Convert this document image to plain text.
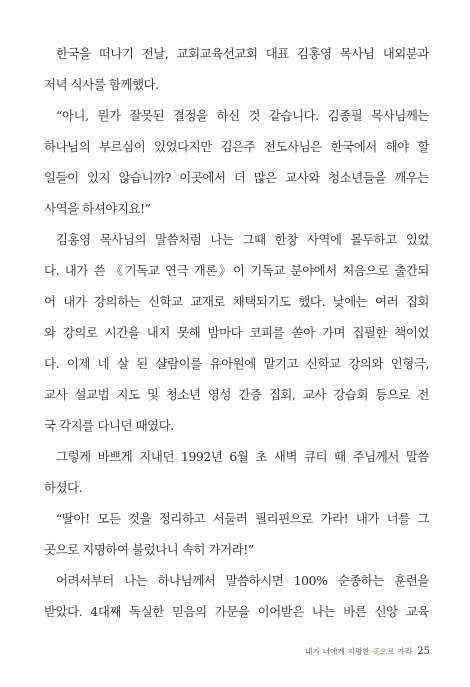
한국을 떠나기 전날, 교회교육선교회 대표 김홍영 목사님 내외분과
저녁 식사를 함께했다.
“아니, 뭔가 잘못된 결정을 하신 것 같습니다. 김종필 목사님께는
하나님의 부르심이 있었다지만 김은주 전도사님은 한국에서 해야 할
일들이 있지 않습니까? 이곳에서 더 많은 교사와 청소년들을 깨우는
사역을 하셔야지요!”
김홍영 목사님의 말씀처럼 나는 그때 한창 사역에 몰두하고 있었
다. 내가 쓴 《기독교 연극 개론》이 기독교 분야에서 처음으로 출간되
어 내가 강의하는 신학교 교재로 채택되기도 했다. 낮에는 여러 집회
와 강의로 시간을 내지 못해 밤마다 코피를 쏟아 가며 집필한 책이었
다. 이제 네 살 된 샬람이를 유아원에 맡기고 신학교 강의와 인형극,
교사 설교법 지도 및 청소년 영성 간증 집회, 교사 강습회 등으로 전
국 각지를 다니던 때였다.
그렇게 바쁘게 지내던 1992년 6월 초 새벽 큐티 때 주님께서 말씀
하셨다.
“딸아! 모든 것을 정리하고 서둘러 필리핀으로 가라! 내가 너를 그
곳으로 지명하여 불렀나니 속히 가거라!”
어려서부터 나는 하나님께서 말씀하시면 100% 순종하는 훈련을
받았다. 4대째 독실한 믿음의 가문을 이어받은 나는 바른 신앙 교육
내가 너에게 지명한 곳으로 가라 25
